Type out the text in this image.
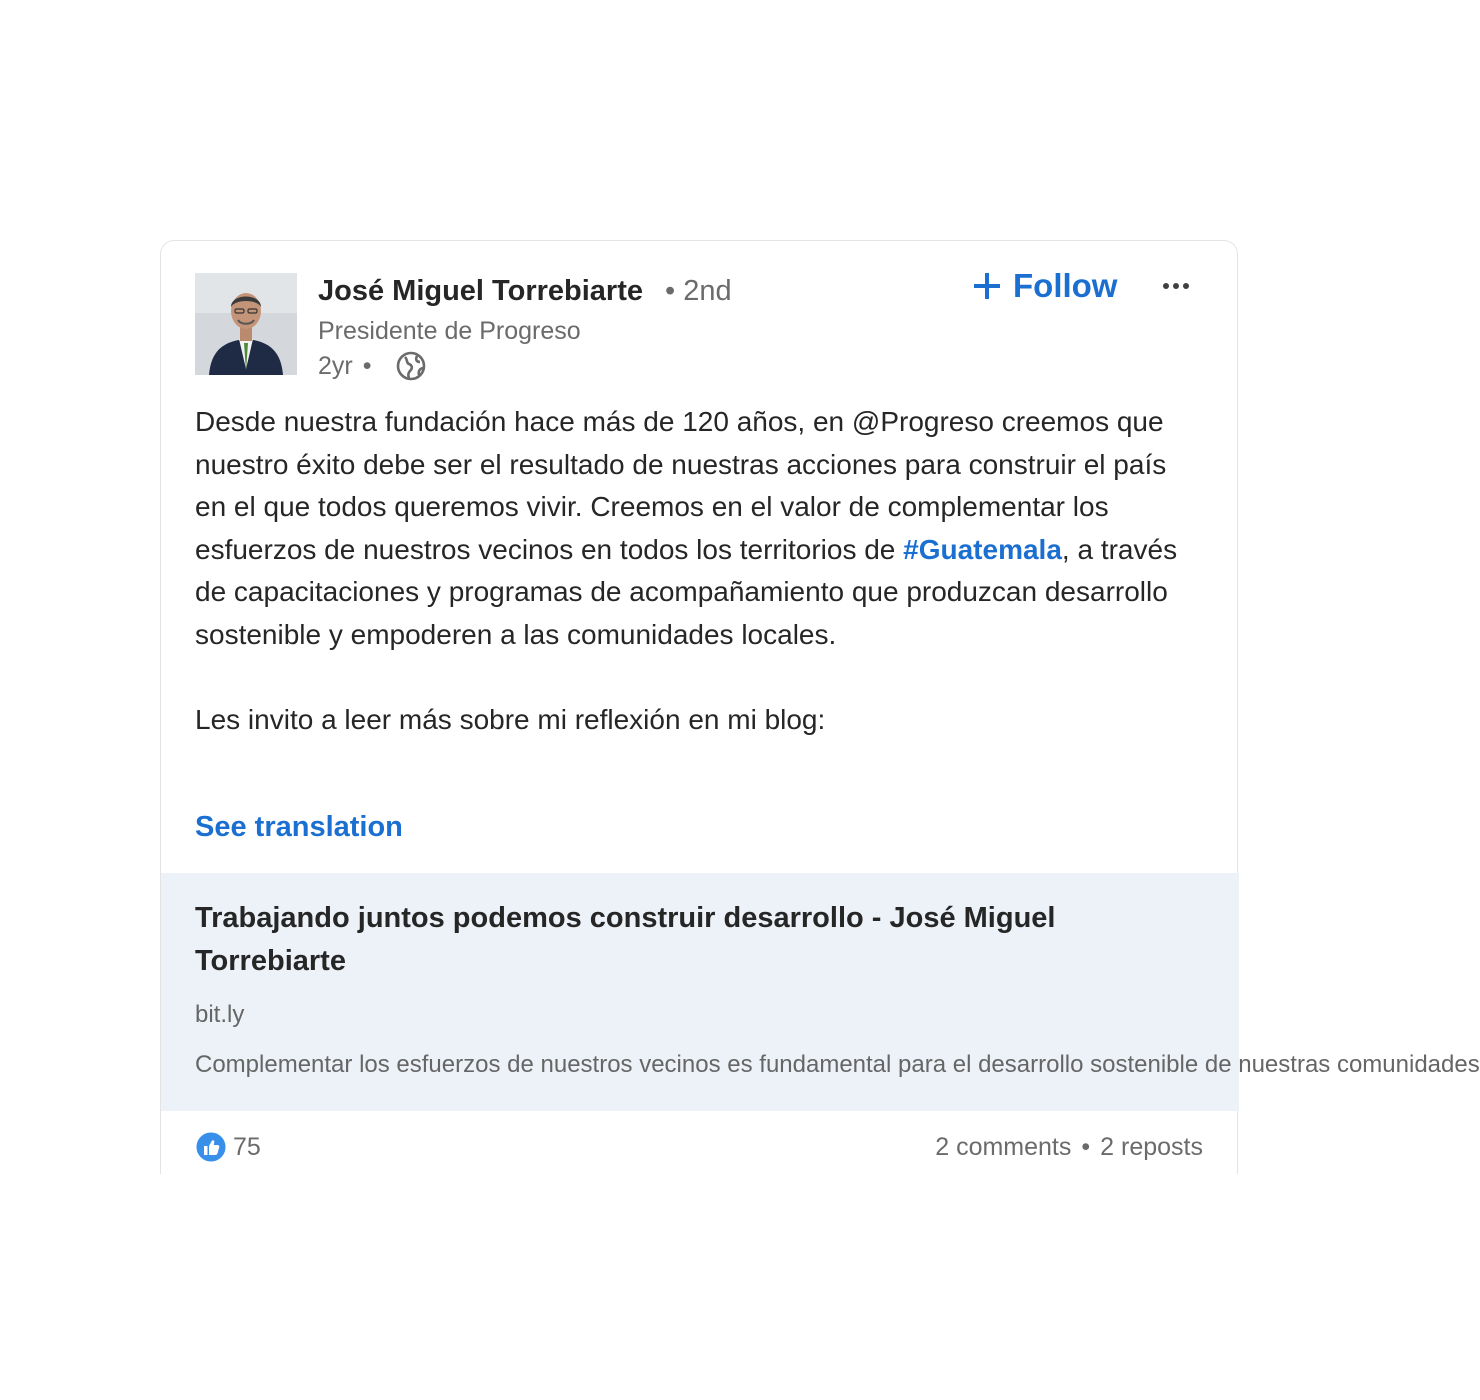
José Miguel Torrebiarte • 2nd
Presidente de Progreso
2yr •
Follow

Desde nuestra fundación hace más de 120 años, en @Progreso creemos que nuestro éxito debe ser el resultado de nuestras acciones para construir el país en el que todos queremos vivir. Creemos en el valor de complementar los esfuerzos de nuestros vecinos en todos los territorios de #Guatemala, a través de capacitaciones y programas de acompañamiento que produzcan desarrollo sostenible y empoderen a las comunidades locales.

Les invito a leer más sobre mi reflexión en mi blog:

See translation
Trabajando juntos podemos construir desarrollo - José Miguel Torrebiarte
bit.ly
Complementar los esfuerzos de nuestros vecinos es fundamental para el desarrollo sostenible de nuestras comunidades
75	2 comments • 2 reposts
